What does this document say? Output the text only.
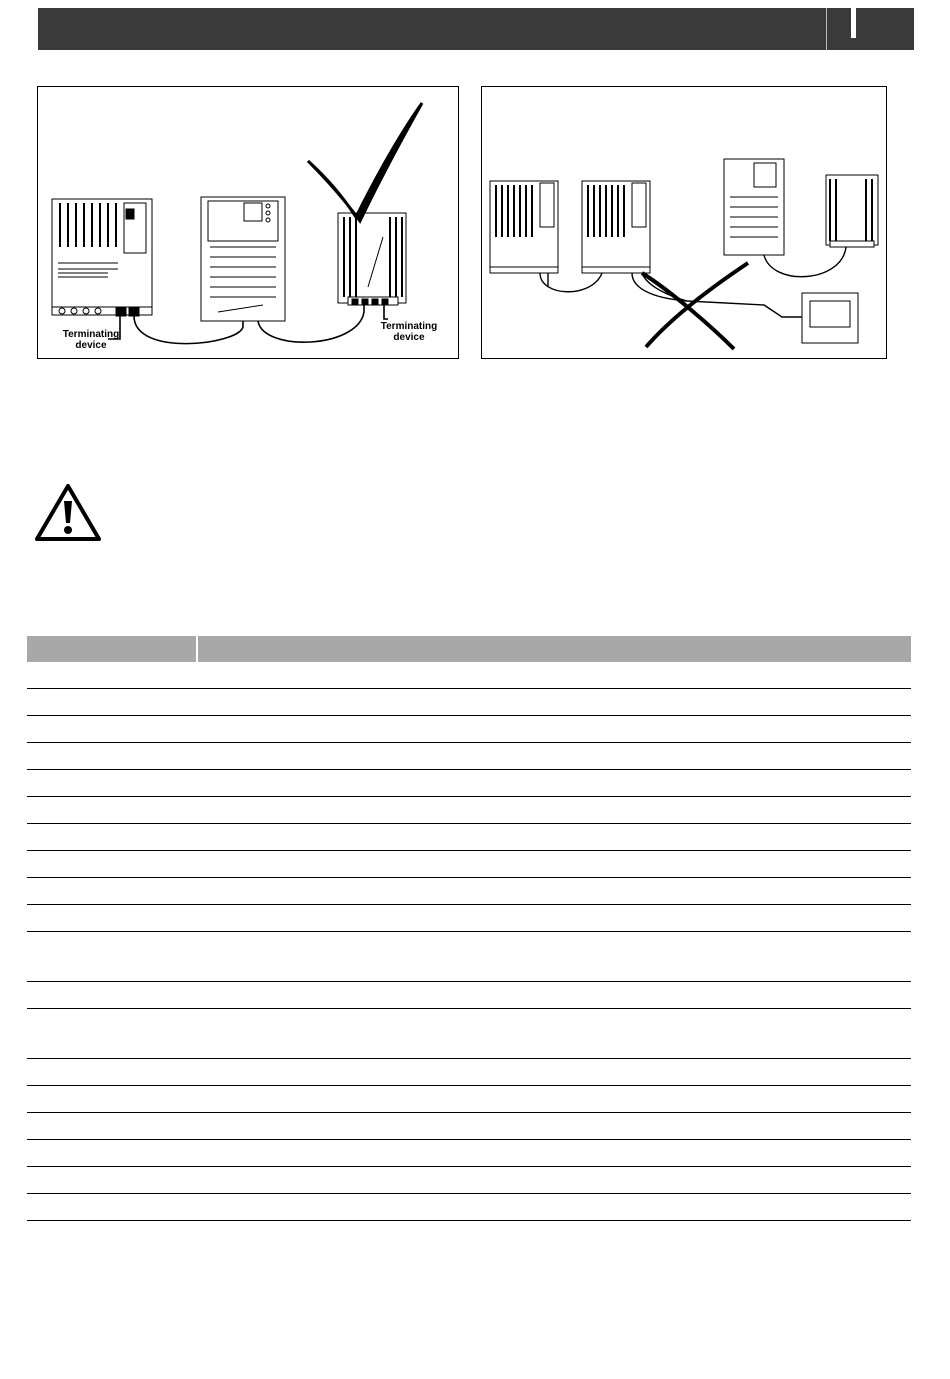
Terminating
device
Terminating
device
